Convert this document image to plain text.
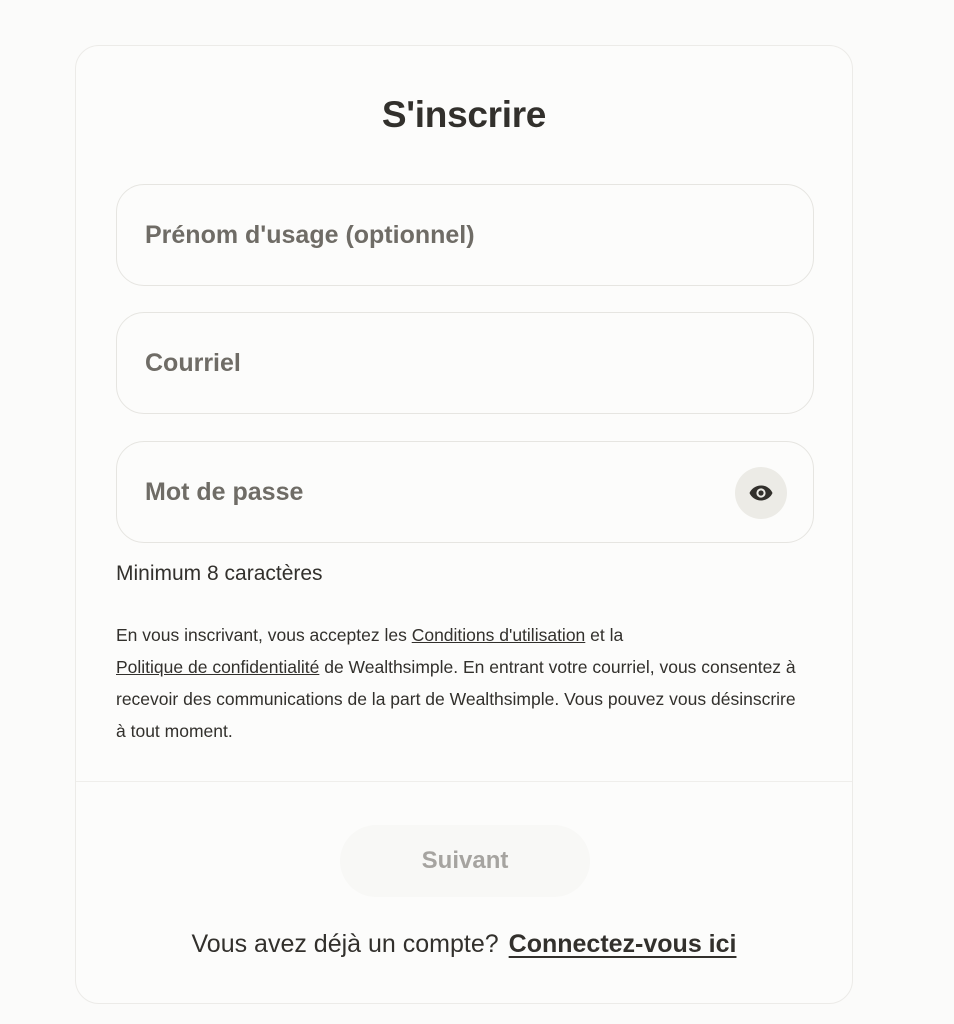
S'inscrire
Prénom d'usage (optionnel)
Courriel
Minimum 8 caractères

En vous inscrivant, vous acceptez les Conditions d'utilisation et la
Politique de confidentialité de Wealthsimple. En entrant votre courriel, vous consentez à recevoir des communications de la part de Wealthsimple. Vous pouvez vous désinscrire à tout moment.

Suivant
Vous avez déjà un compte? Connectez-vous ici
